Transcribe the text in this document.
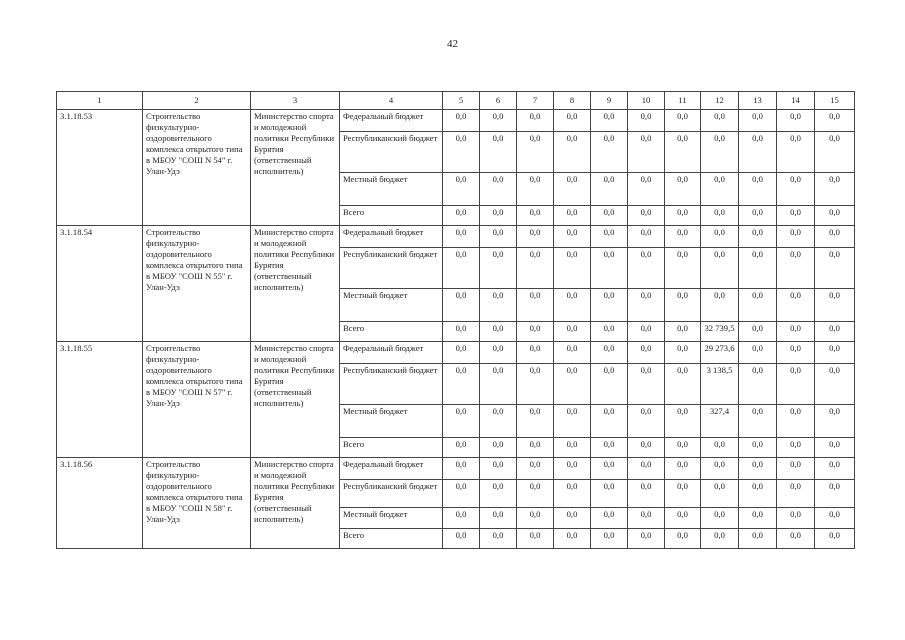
42
1	2	3	4	5	6	7	8	9	10	11	12	13	14	15
3.1.18.53	Строительство физкультурно-оздоровительного комплекса открытого типа в МБОУ "СОШ N 54" г. Улан-Удэ	Министерство спорта и молодежной политики Республики Бурятия (ответственный исполнитель)	Федеральный бюджет	0,0	0,0	0,0	0,0	0,0	0,0	0,0	0,0	0,0	0,0	0,0
			Республиканский бюджет	0,0	0,0	0,0	0,0	0,0	0,0	0,0	0,0	0,0	0,0	0,0
			Местный бюджет	0,0	0,0	0,0	0,0	0,0	0,0	0,0	0,0	0,0	0,0	0,0
			Всего	0,0	0,0	0,0	0,0	0,0	0,0	0,0	0,0	0,0	0,0	0,0
3.1.18.54	Строительство физкультурно-оздоровительного комплекса открытого типа в МБОУ "СОШ N 55" г. Улан-Удэ	Министерство спорта и молодежной политики Республики Бурятия (ответственный исполнитель)	Федеральный бюджет	0,0	0,0	0,0	0,0	0,0	0,0	0,0	0,0	0,0	0,0	0,0
			Республиканский бюджет	0,0	0,0	0,0	0,0	0,0	0,0	0,0	0,0	0,0	0,0	0,0
			Местный бюджет	0,0	0,0	0,0	0,0	0,0	0,0	0,0	0,0	0,0	0,0	0,0
			Всего	0,0	0,0	0,0	0,0	0,0	0,0	0,0	32 739,5	0,0	0,0	0,0
3.1.18.55	Строительство физкультурно-оздоровительного комплекса открытого типа в МБОУ "СОШ N 57" г. Улан-Удэ	Министерство спорта и молодежной политики Республики Бурятия (ответственный исполнитель)	Федеральный бюджет	0,0	0,0	0,0	0,0	0,0	0,0	0,0	29 273,6	0,0	0,0	0,0
			Республиканский бюджет	0,0	0,0	0,0	0,0	0,0	0,0	0,0	3 138,5	0,0	0,0	0,0
			Местный бюджет	0,0	0,0	0,0	0,0	0,0	0,0	0,0	327,4	0,0	0,0	0,0
			Всего	0,0	0,0	0,0	0,0	0,0	0,0	0,0	0,0	0,0	0,0	0,0
3.1.18.56	Строительство физкультурно-оздоровительного комплекса открытого типа в МБОУ "СОШ N 58" г. Улан-Удэ	Министерство спорта и молодежной политики Республики Бурятия (ответственный исполнитель)	Федеральный бюджет	0,0	0,0	0,0	0,0	0,0	0,0	0,0	0,0	0,0	0,0	0,0
			Республиканский бюджет	0,0	0,0	0,0	0,0	0,0	0,0	0,0	0,0	0,0	0,0	0,0
			Местный бюджет	0,0	0,0	0,0	0,0	0,0	0,0	0,0	0,0	0,0	0,0	0,0
			Всего	0,0	0,0	0,0	0,0	0,0	0,0	0,0	0,0	0,0	0,0	0,0
